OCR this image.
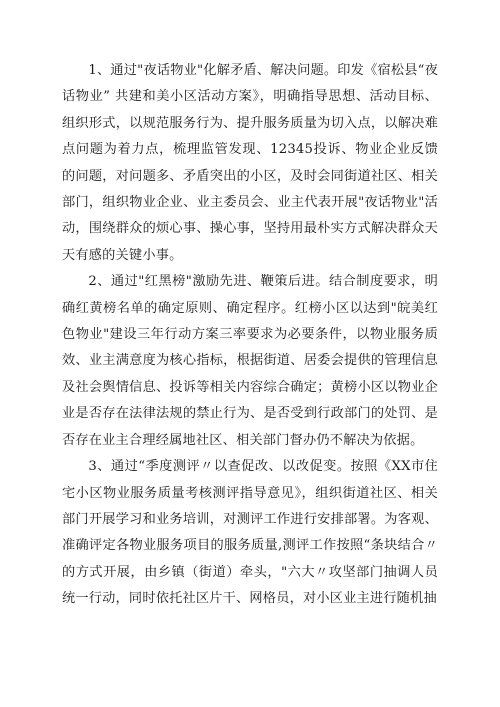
1、通过"夜话物业"化解矛盾、解决问题。印发《宿松县“夜话物业” 共建和美小区活动方案》，明确指导思想、活动目标、组织形式，以规范服务行为、提升服务质量为切入点，以解决难点问题为着力点，梳理监管发现、12345投诉、物业企业反馈的问题，对问题多、矛盾突出的小区，及时会同街道社区、相关部门，组织物业企业、业主委员会、业主代表开展"夜话物业"活动，围绕群众的烦心事、操心事，坚持用最朴实方式解决群众天天有感的关键小事。

2、通过"红黑榜"激励先进、鞭策后进。结合制度要求，明确红黄榜名单的确定原则、确定程序。红榜小区以达到"皖美红色物业"建设三年行动方案三率要求为必要条件，以物业服务质效、业主满意度为核心指标，根据街道、居委会提供的管理信息及社会舆情信息、投诉等相关内容综合确定；黄榜小区以物业企业是否存在法律法规的禁止行为、是否受到行政部门的处罚、是否存在业主合理经属地社区、相关部门督办仍不解决为依据。

3、通过“季度测评〃以查促改、以改促变。按照《XX市住宅小区物业服务质量考核测评指导意见》，组织街道社区、相关部门开展学习和业务培训，对测评工作进行安排部署。为客观、准确评定各物业服务项目的服务质量,测评工作按照“条块结合〃的方式开展，由乡镇（街道）牵头，"六大〃攻坚部门抽调人员统一行动，同时依托社区片干、网格员，对小区业主进行随机抽
